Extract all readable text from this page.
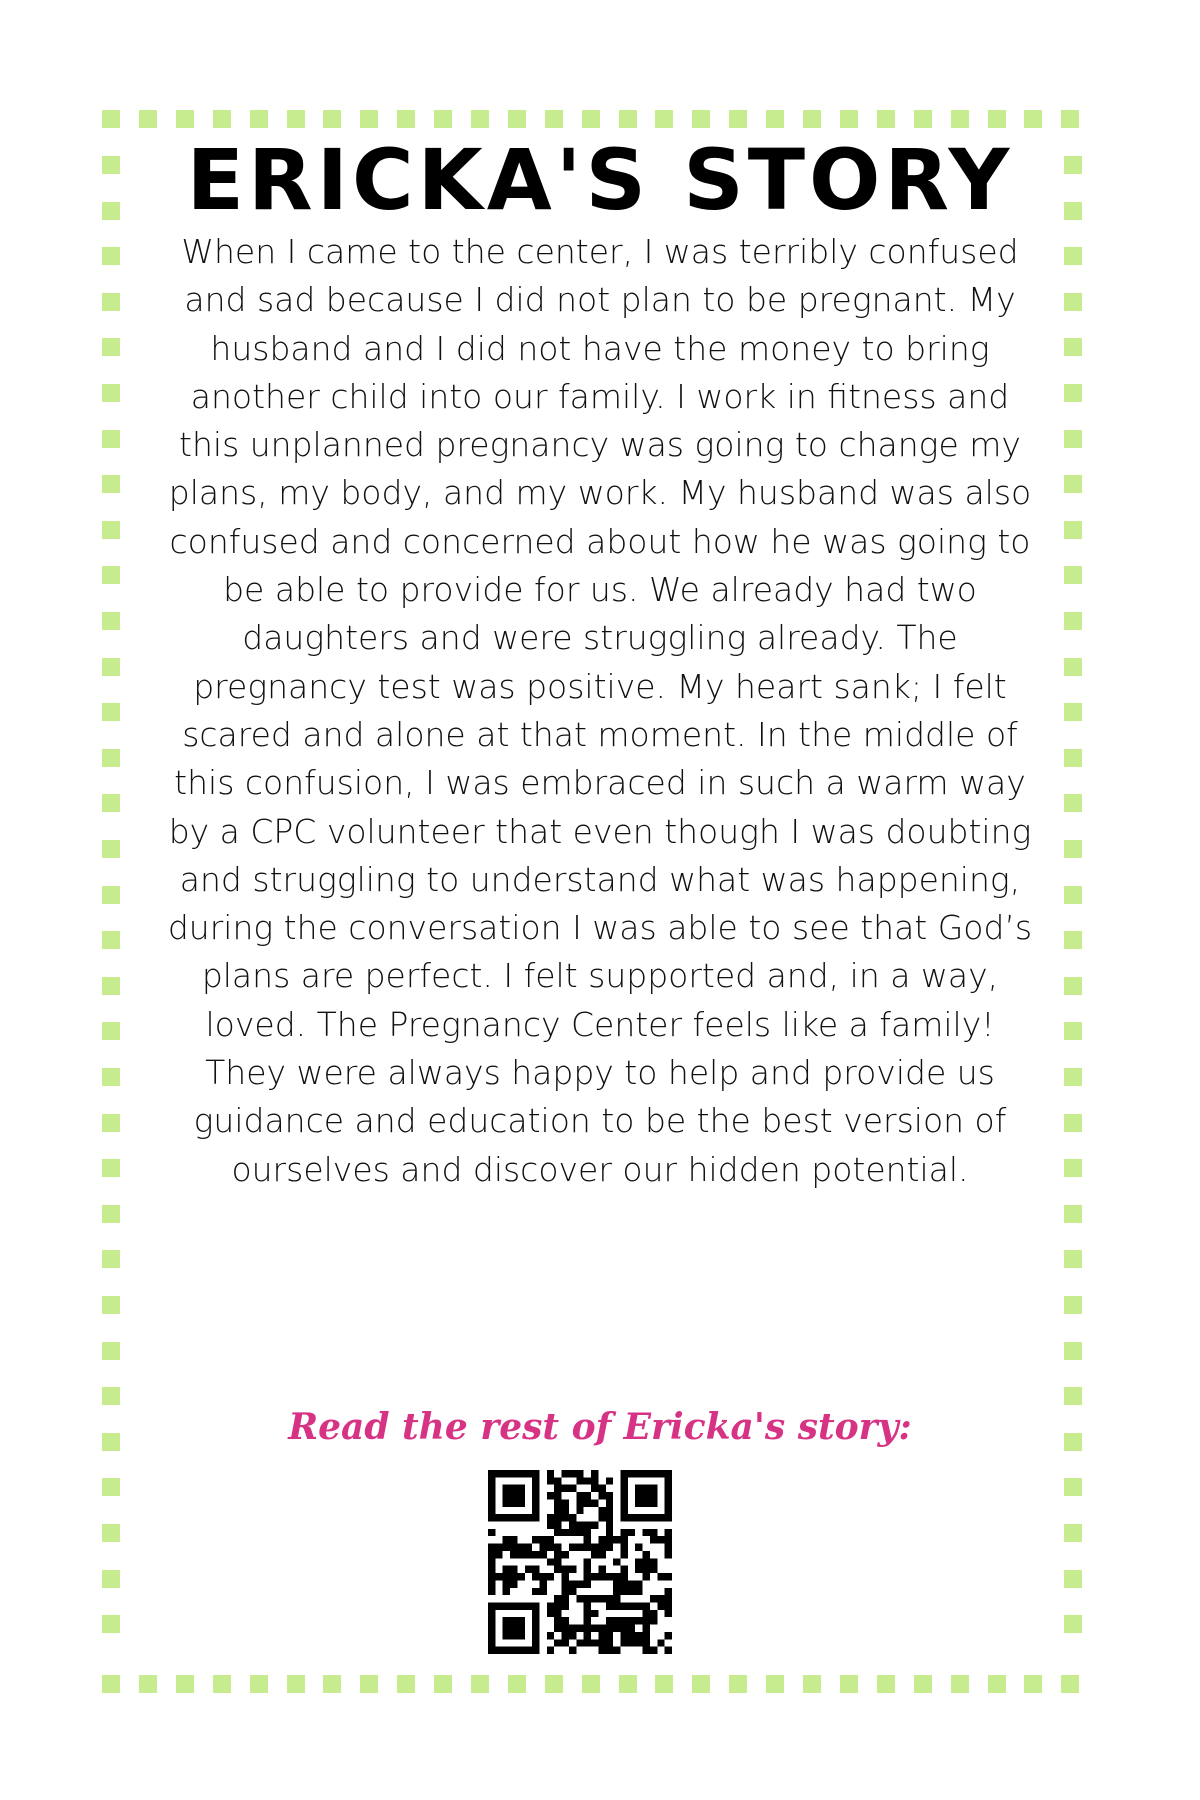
ERICKA'S STORY

When I came to the center, I was terribly confused and sad because I did not plan to be pregnant. My husband and I did not have the money to bring another child into our family. I work in fitness and this unplanned pregnancy was going to change my plans, my body, and my work. My husband was also confused and concerned about how he was going to be able to provide for us. We already had two daughters and were struggling already. The pregnancy test was positive. My heart sank; I felt scared and alone at that moment. In the middle of this confusion, I was embraced in such a warm way by a CPC volunteer that even though I was doubting and struggling to understand what was happening, during the conversation I was able to see that God’s plans are perfect. I felt supported and, in a way, loved. The Pregnancy Center feels like a family! They were always happy to help and provide us guidance and education to be the best version of ourselves and discover our hidden potential.

Read the rest of Ericka's story:
